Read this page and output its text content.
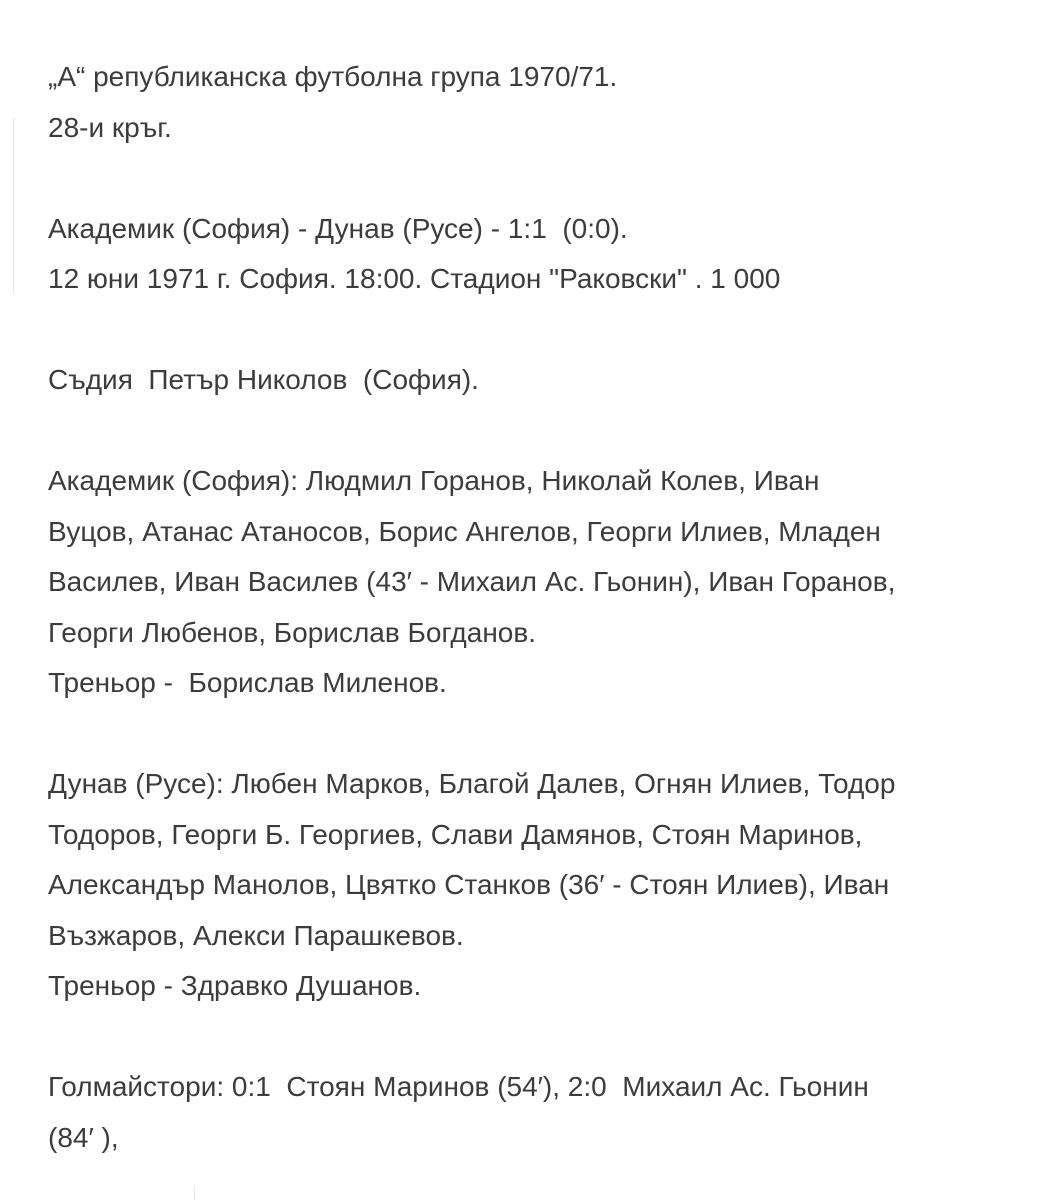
„А“ републиканска футболна група 1970/71.
28-и кръг.
Академик (София) - Дунав (Русе) - 1:1  (0:0).
12 юни 1971 г. София. 18:00. Стадион "Раковски" . 1 000
Съдия  Петър Николов  (София).
Академик (София): Людмил Горанов, Николай Колев, Иван
Вуцов, Атанас Атаносов, Борис Ангелов, Георги Илиев, Младен
Василев, Иван Василев (43′ - Михаил Ас. Гьонин), Иван Горанов,
Георги Любенов, Борислав Богданов.
Треньор -  Борислав Миленов.
Дунав (Русе): Любен Марков, Благой Далев, Огнян Илиев, Тодор
Тодоров, Георги Б. Георгиев, Слави Дамянов, Стоян Маринов,
Александър Манолов, Цвятко Станков (36′ - Стоян Илиев), Иван
Възжаров, Алекси Парашкевов.
Треньор - Здравко Душанов.
Голмайстори: 0:1  Стоян Маринов (54′), 2:0  Михаил Ас. Гьонин
(84′ ),
